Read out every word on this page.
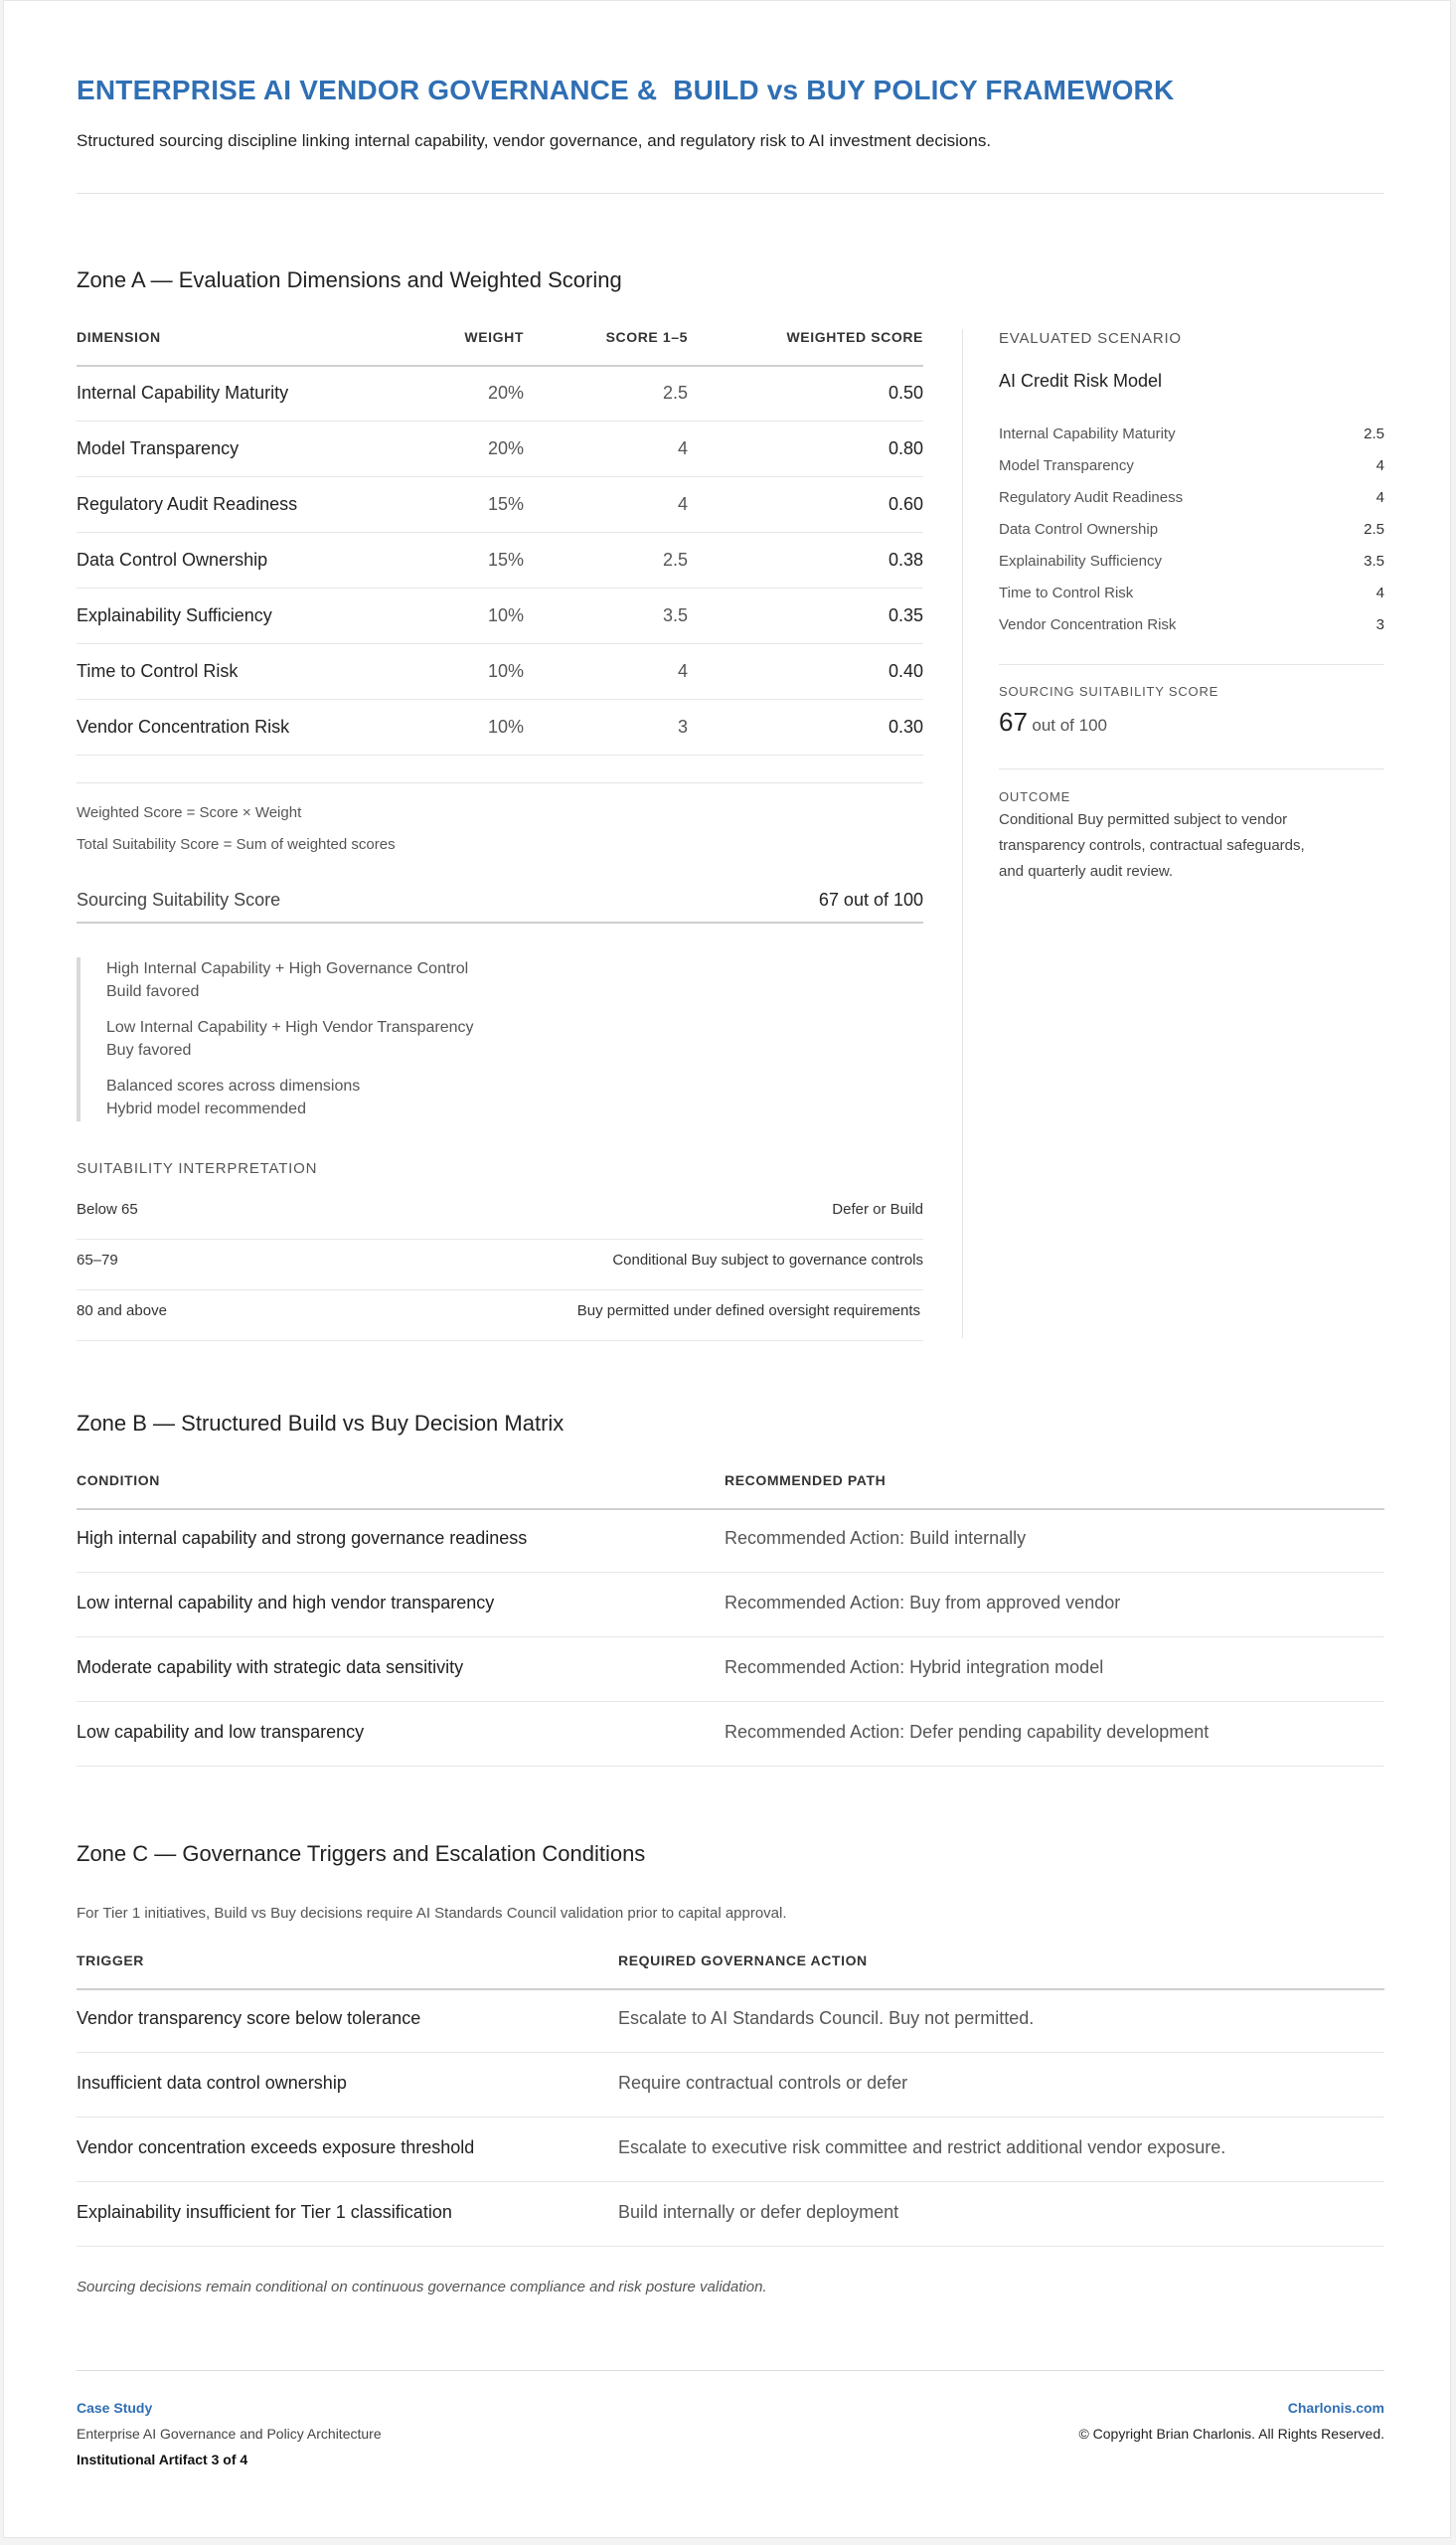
ENTERPRISE AI VENDOR GOVERNANCE &  BUILD vs BUY POLICY FRAMEWORK
Structured sourcing discipline linking internal capability, vendor governance, and regulatory risk to AI investment decisions.
Zone A — Evaluation Dimensions and Weighted Scoring
DIMENSION	WEIGHT	SCORE 1–5	WEIGHTED SCORE
Internal Capability Maturity	20%	2.5	0.50
Model Transparency	20%	4	0.80
Regulatory Audit Readiness	15%	4	0.60
Data Control Ownership	15%	2.5	0.38
Explainability Sufficiency	10%	3.5	0.35
Time to Control Risk	10%	4	0.40
Vendor Concentration Risk	10%	3	0.30
Weighted Score = Score × Weight
Total Suitability Score = Sum of weighted scores
Sourcing Suitability Score	67 out of 100
High Internal Capability + High Governance Control
Build favored
Low Internal Capability + High Vendor Transparency
Buy favored
Balanced scores across dimensions
Hybrid model recommended
SUITABILITY INTERPRETATION
Below 65	Defer or Build
65–79	Conditional Buy subject to governance controls
80 and above	Buy permitted under defined oversight requirements
EVALUATED SCENARIO
AI Credit Risk Model
Internal Capability Maturity	2.5
Model Transparency	4
Regulatory Audit Readiness	4
Data Control Ownership	2.5
Explainability Sufficiency	3.5
Time to Control Risk	4
Vendor Concentration Risk	3
SOURCING SUITABILITY SCORE
67 out of 100
OUTCOME
Conditional Buy permitted subject to vendor
transparency controls, contractual safeguards,
and quarterly audit review.
Zone B — Structured Build vs Buy Decision Matrix
CONDITION	RECOMMENDED PATH
High internal capability and strong governance readiness	Recommended Action: Build internally
Low internal capability and high vendor transparency	Recommended Action: Buy from approved vendor
Moderate capability with strategic data sensitivity	Recommended Action: Hybrid integration model
Low capability and low transparency	Recommended Action: Defer pending capability development
Zone C — Governance Triggers and Escalation Conditions
For Tier 1 initiatives, Build vs Buy decisions require AI Standards Council validation prior to capital approval.
TRIGGER	REQUIRED GOVERNANCE ACTION
Vendor transparency score below tolerance	Escalate to AI Standards Council. Buy not permitted.
Insufficient data control ownership	Require contractual controls or defer
Vendor concentration exceeds exposure threshold	Escalate to executive risk committee and restrict additional vendor exposure.
Explainability insufficient for Tier 1 classification	Build internally or defer deployment
Sourcing decisions remain conditional on continuous governance compliance and risk posture validation.
Case Study
Enterprise AI Governance and Policy Architecture
Institutional Artifact 3 of 4
Charlonis.com
© Copyright Brian Charlonis. All Rights Reserved.
